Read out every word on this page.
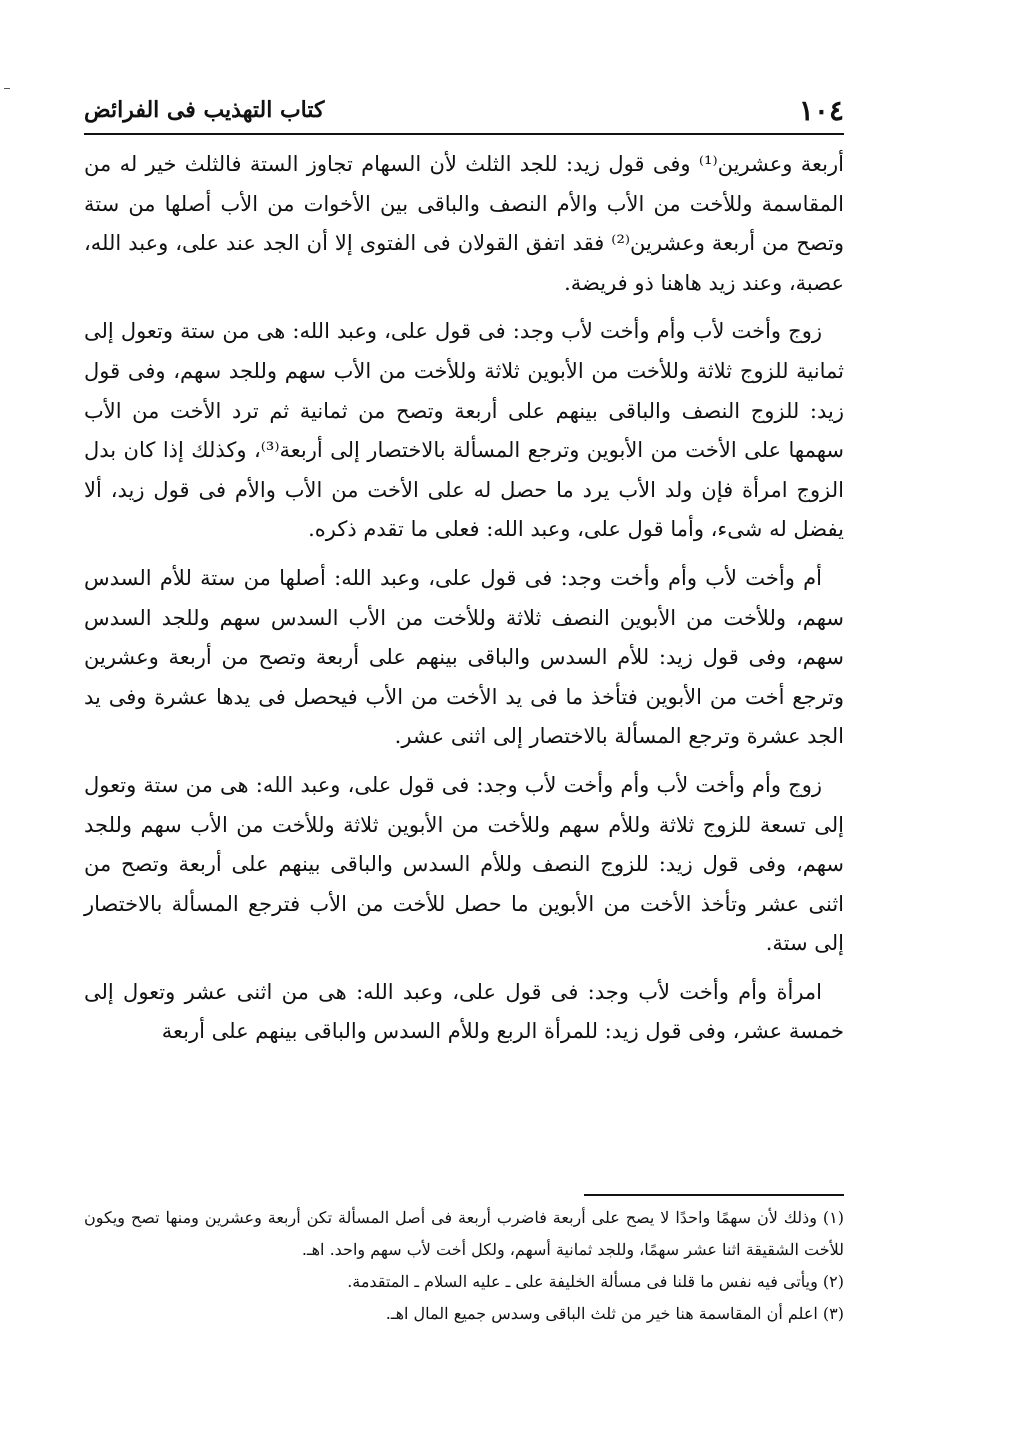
١٠٤
كتاب التهذيب فى الفرائض

أربعة وعشرين⁽¹⁾ وفى قول زيد: للجد الثلث لأن السهام تجاوز الستة فالثلث خير له من المقاسمة وللأخت من الأب والأم النصف والباقى بين الأخوات من الأب أصلها من ستة وتصح من أربعة وعشرين⁽²⁾ فقد اتفق القولان فى الفتوى إلا أن الجد عند على، وعبد الله، عصبة، وعند زيد هاهنا ذو فريضة.

زوج وأخت لأب وأم وأخت لأب وجد: فى قول على، وعبد الله: هى من ستة وتعول إلى ثمانية للزوج ثلاثة وللأخت من الأبوين ثلاثة وللأخت من الأب سهم وللجد سهم، وفى قول زيد: للزوج النصف والباقى بينهم على أربعة وتصح من ثمانية ثم ترد الأخت من الأب سهمها على الأخت من الأبوين وترجع المسألة بالاختصار إلى أربعة⁽³⁾، وكذلك إذا كان بدل الزوج امرأة فإن ولد الأب يرد ما حصل له على الأخت من الأب والأم فى قول زيد، ألا يفضل له شىء، وأما قول على، وعبد الله: فعلى ما تقدم ذكره.

أم وأخت لأب وأم وأخت وجد: فى قول على، وعبد الله: أصلها من ستة للأم السدس سهم، وللأخت من الأبوين النصف ثلاثة وللأخت من الأب السدس سهم وللجد السدس سهم، وفى قول زيد: للأم السدس والباقى بينهم على أربعة وتصح من أربعة وعشرين وترجع أخت من الأبوين فتأخذ ما فى يد الأخت من الأب فيحصل فى يدها عشرة وفى يد الجد عشرة وترجع المسألة بالاختصار إلى اثنى عشر.

زوج وأم وأخت لأب وأم وأخت لأب وجد: فى قول على، وعبد الله: هى من ستة وتعول إلى تسعة للزوج ثلاثة وللأم سهم وللأخت من الأبوين ثلاثة وللأخت من الأب سهم وللجد سهم، وفى قول زيد: للزوج النصف وللأم السدس والباقى بينهم على أربعة وتصح من اثنى عشر وتأخذ الأخت من الأبوين ما حصل للأخت من الأب فترجع المسألة بالاختصار إلى ستة.

امرأة وأم وأخت لأب وجد: فى قول على، وعبد الله: هى من اثنى عشر وتعول إلى خمسة عشر، وفى قول زيد: للمرأة الربع وللأم السدس والباقى بينهم على أربعة

(١) وذلك لأن سهمًا واحدًا لا يصح على أربعة فاضرب أربعة فى أصل المسألة تكن أربعة وعشرين ومنها تصح ويكون للأخت الشقيقة اثنا عشر سهمًا، وللجد ثمانية أسهم، ولكل أخت لأب سهم واحد. اهـ.

(٢) ويأتى فيه نفس ما قلنا فى مسألة الخليفة على ـ عليه السلام ـ المتقدمة.

(٣) اعلم أن المقاسمة هنا خير من ثلث الباقى وسدس جميع المال اهـ.
